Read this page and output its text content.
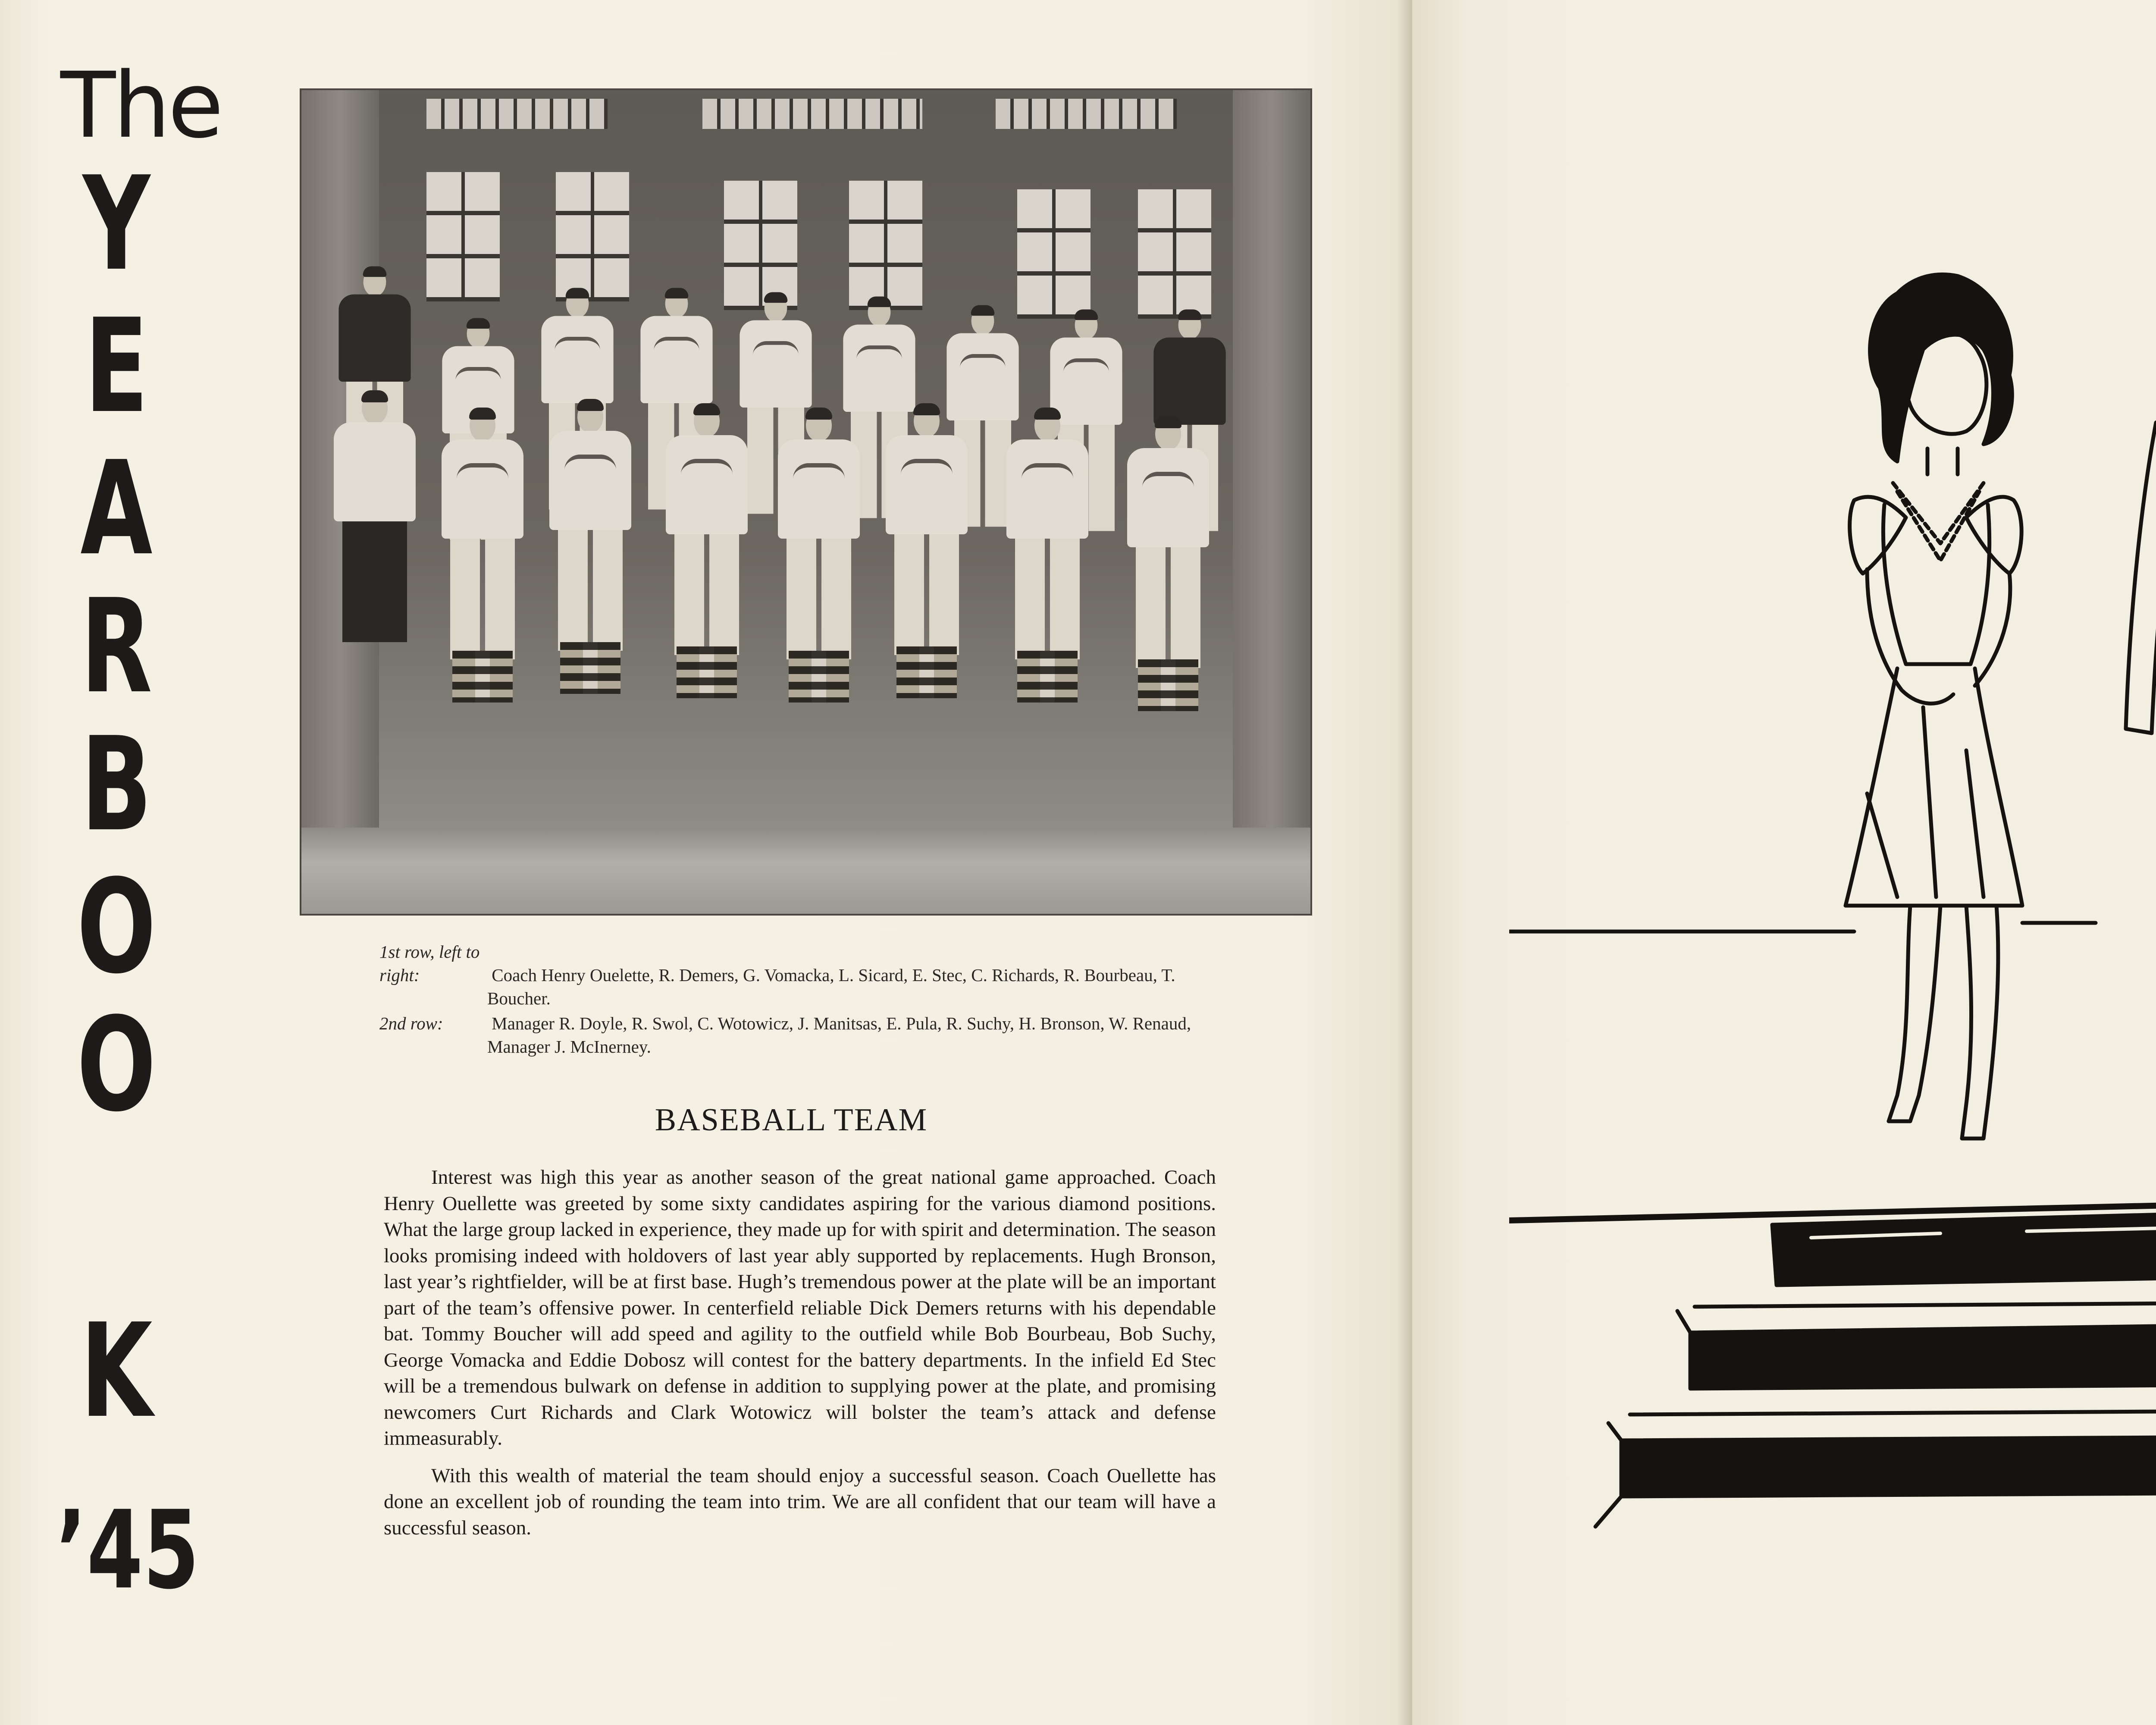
The
Y
E
A
R
B
O
O
K
’45
1st row, left to right:	Coach Henry Ouelette, R. Demers, G. Vomacka, L. Sicard, E. Stec, C. Richards, R. Bourbeau, T. Boucher.
2nd row:	Manager R. Doyle, R. Swol, C. Wotowicz, J. Manitsas, E. Pula, R. Suchy, H. Bronson, W. Renaud, Manager J. McInerney.
BASEBALL TEAM

Interest was high this year as another season of the great national game approached. Coach Henry Ouellette was greeted by some sixty candidates aspiring for the various diamond positions. What the large group lacked in experience, they made up for with spirit and determination. The season looks promising indeed with holdovers of last year ably supported by replacements. Hugh Bronson, last year’s rightfielder, will be at first base. Hugh’s tremendous power at the plate will be an important part of the team’s offensive power. In centerfield reliable Dick Demers returns with his dependable bat. Tommy Boucher will add speed and agility to the outfield while Bob Bourbeau, Bob Suchy, George Vomacka and Eddie Dobosz will contest for the battery departments. In the infield Ed Stec will be a tremendous bulwark on defense in addition to supplying power at the plate, and promising newcomers Curt Richards and Clark Wotowicz will bolster the team’s attack and defense immeasurably.

With this wealth of material the team should enjoy a successful season. Coach Ouellette has done an excellent job of rounding the team into trim. We are all confident that our team will have a successful season.
